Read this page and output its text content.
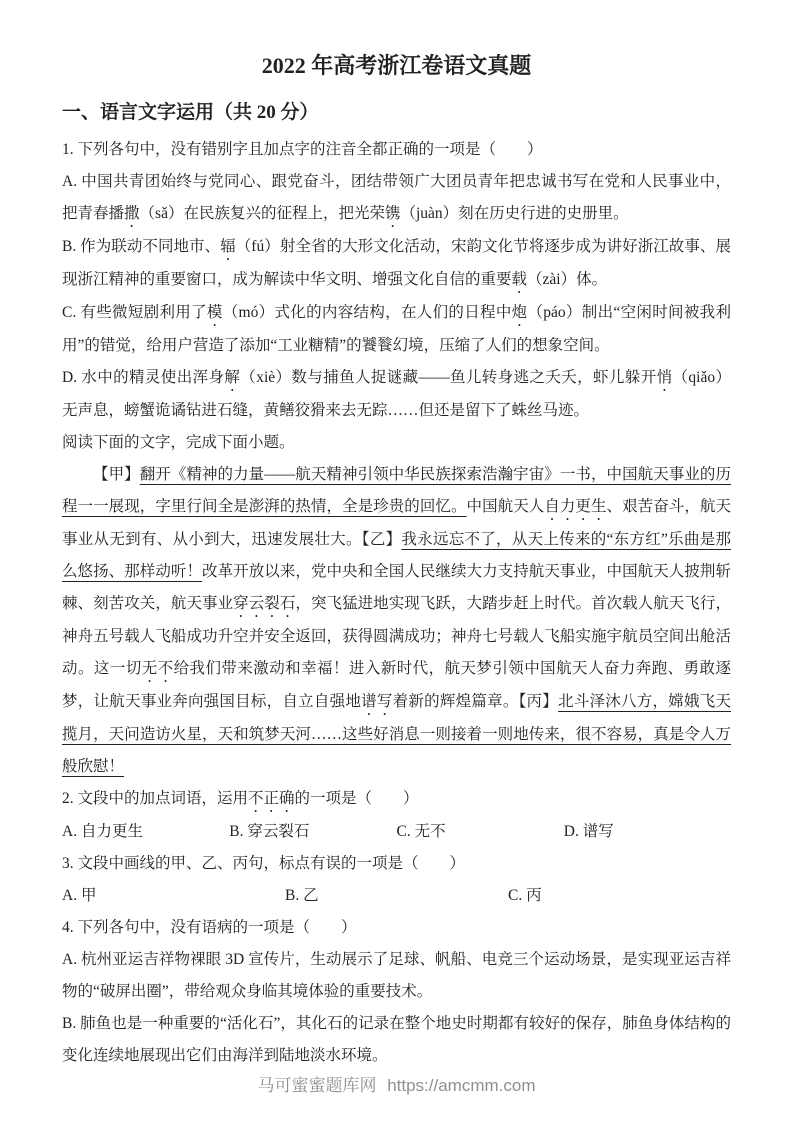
2022 年高考浙江卷语文真题
一、语言文字运用（共 20 分）

1. 下列各句中，没有错别字且加点字的注音全都正确的一项是（　　）

A. 中国共青团始终与党同心、跟党奋斗，团结带领广大团员青年把忠诚书写在党和人民事业中，把青春播撒（sǎ）在民族复兴的征程上，把光荣镌（juàn）刻在历史行进的史册里。

B. 作为联动不同地市、辐（fú）射全省的大形文化活动，宋韵文化节将逐步成为讲好浙江故事、展现浙江精神的重要窗口，成为解读中华文明、增强文化自信的重要载（zài）体。

C. 有些微短剧利用了模（mó）式化的内容结构，在人们的日程中炮（páo）制出“空闲时间被我利用”的错觉，给用户营造了添加“工业糖精”的饕餮幻境，压缩了人们的想象空间。

D. 水中的精灵使出浑身解（xiè）数与捕鱼人捉谜藏——鱼儿转身逃之夭夭，虾儿躲开悄（qiǎo）无声息，螃蟹诡谲钻进石缝，黄鳝狡猾来去无踪……但还是留下了蛛丝马迹。

阅读下面的文字，完成下面小题。

【甲】翻开《精神的力量——航天精神引领中华民族探索浩瀚宇宙》一书，中国航天事业的历程一一展现，字里行间全是澎湃的热情，全是珍贵的回忆。中国航天人自力更生、艰苦奋斗，航天事业从无到有、从小到大，迅速发展壮大。【乙】我永远忘不了，从天上传来的“东方红”乐曲是那么悠扬、那样动听！改革开放以来，党中央和全国人民继续大力支持航天事业，中国航天人披荆斩棘、刻苦攻关，航天事业穿云裂石，突飞猛进地实现飞跃，大踏步赶上时代。首次载人航天飞行，神舟五号载人飞船成功升空并安全返回，获得圆满成功；神舟七号载人飞船实施宇航员空间出舱活动。这一切无不给我们带来激动和幸福！进入新时代，航天梦引领中国航天人奋力奔跑、勇敢逐梦，让航天事业奔向强国目标，自立自强地谱写着新的辉煌篇章。【丙】北斗泽沐八方，嫦娥飞天揽月，天问造访火星，天和筑梦天河……这些好消息一则接着一则地传来，很不容易，真是令人万般欣慰！

2. 文段中的加点词语，运用不正确的一项是（　　）

A. 自力更生	B. 穿云裂石	C. 无不	D. 谱写

3. 文段中画线的甲、乙、丙句，标点有误的一项是（　　）

A. 甲	B. 乙	C. 丙

4. 下列各句中，没有语病的一项是（　　）

A. 杭州亚运吉祥物裸眼 3D 宣传片，生动展示了足球、帆船、电竞三个运动场景，是实现亚运吉祥物的“破屏出圈”，带给观众身临其境体验的重要技术。

B. 肺鱼也是一种重要的“活化石”，其化石的记录在整个地史时期都有较好的保存，肺鱼身体结构的变化连续地展现出它们由海洋到陆地淡水环境。

马可蜜蜜题库网 https://amcmm.com
